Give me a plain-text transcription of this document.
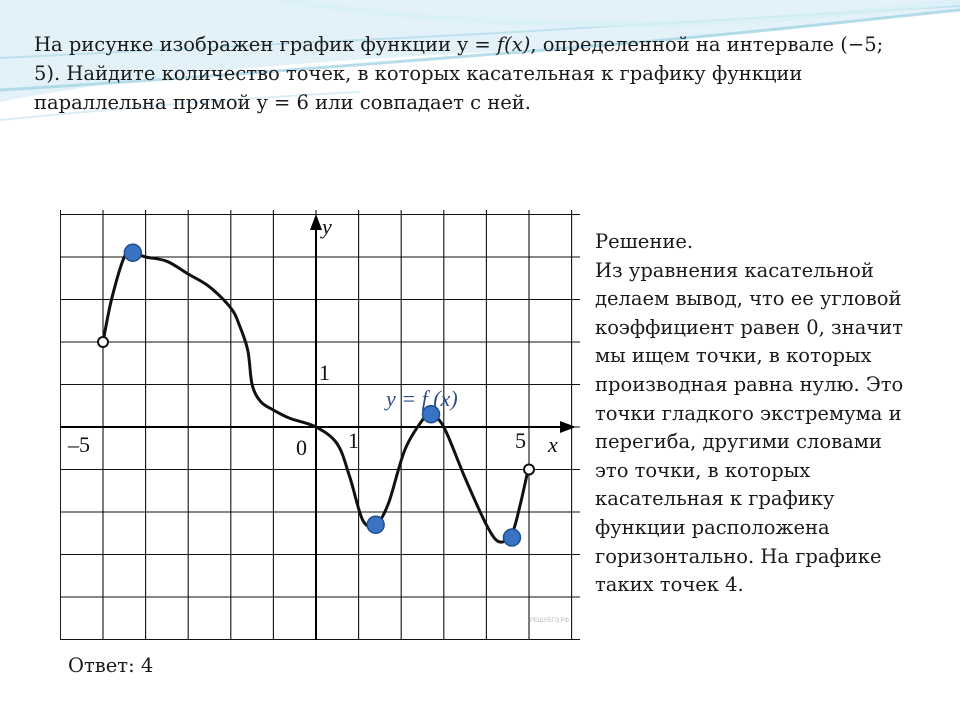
На рисунке изображен график функции y = f(x), определенной на интервале (−5; 5). Найдите количество точек, в которых касательная к графику функции параллельна прямой y = 6 или совпадает с ней.

y
x
–5	0 1	5
1
y = f (x)
РЕШУЕГЭ.РФ

Решение.

Из уравнения касательной делаем вывод, что ее угловой коэффициент равен 0, значит мы ищем точки, в которых производная равна нулю. Это точки гладкого экстремума и перегиба, другими словами это точки, в которых касательная к графику функции расположена горизонтально. На графике таких точек 4.

Ответ: 4
